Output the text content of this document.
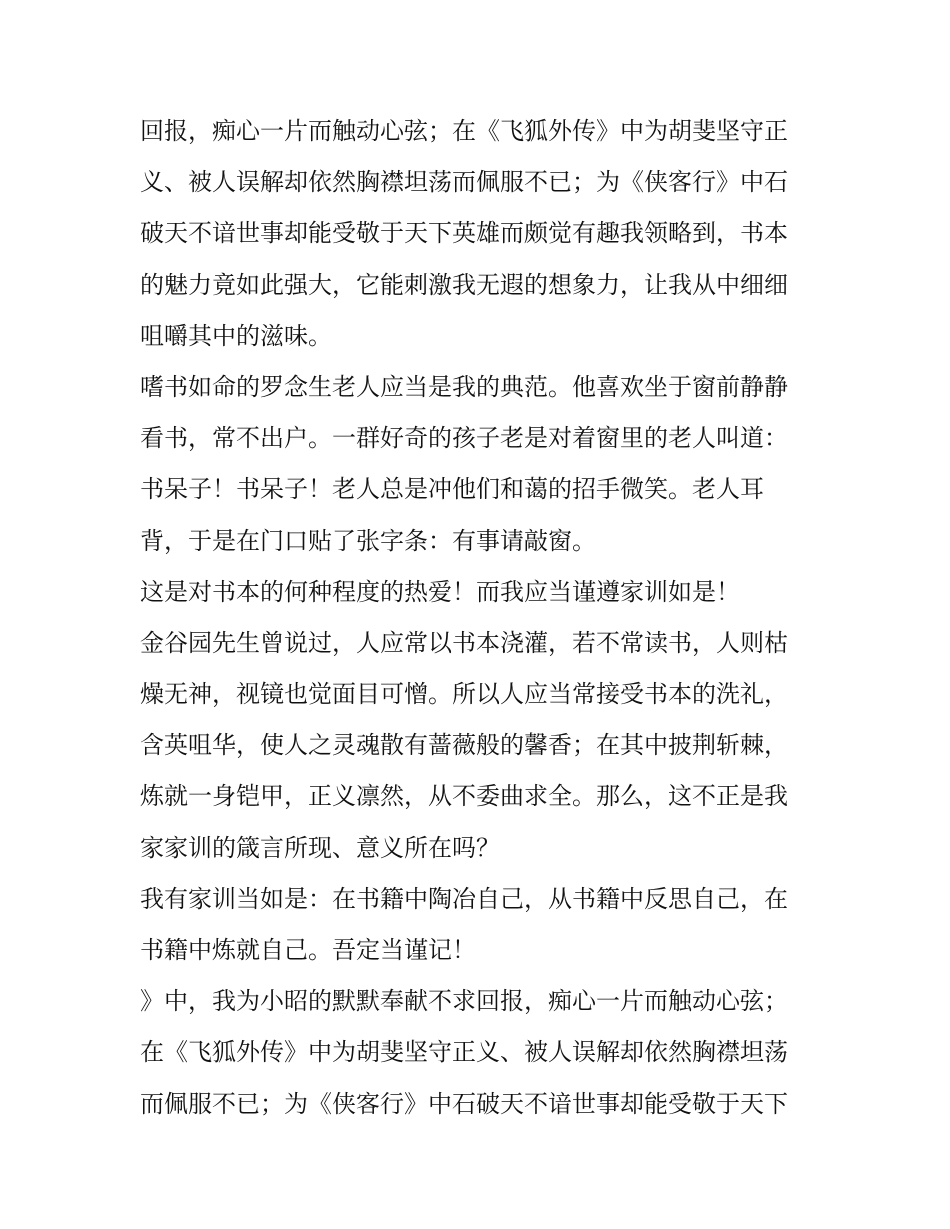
回报，痴心一片而触动心弦；在《飞狐外传》中为胡斐坚守正
义、被人误解却依然胸襟坦荡而佩服不已；为《侠客行》中石
破天不谙世事却能受敬于天下英雄而颇觉有趣我领略到，书本
的魅力竟如此强大，它能刺激我无遐的想象力，让我从中细细
咀嚼其中的滋味。
嗜书如命的罗念生老人应当是我的典范。他喜欢坐于窗前静静
看书，常不出户。一群好奇的孩子老是对着窗里的老人叫道：
书呆子！书呆子！老人总是冲他们和蔼的招手微笑。老人耳
背，于是在门口贴了张字条：有事请敲窗。
这是对书本的何种程度的热爱！而我应当谨遵家训如是！
金谷园先生曾说过，人应常以书本浇灌，若不常读书，人则枯
燥无神，视镜也觉面目可憎。所以人应当常接受书本的洗礼，
含英咀华，使人之灵魂散有蔷薇般的馨香；在其中披荆斩棘，
炼就一身铠甲，正义凛然，从不委曲求全。那么，这不正是我
家家训的箴言所现、意义所在吗？
我有家训当如是：在书籍中陶冶自己，从书籍中反思自己，在
书籍中炼就自己。吾定当谨记！
》中，我为小昭的默默奉献不求回报，痴心一片而触动心弦；
在《飞狐外传》中为胡斐坚守正义、被人误解却依然胸襟坦荡
而佩服不已；为《侠客行》中石破天不谙世事却能受敬于天下
